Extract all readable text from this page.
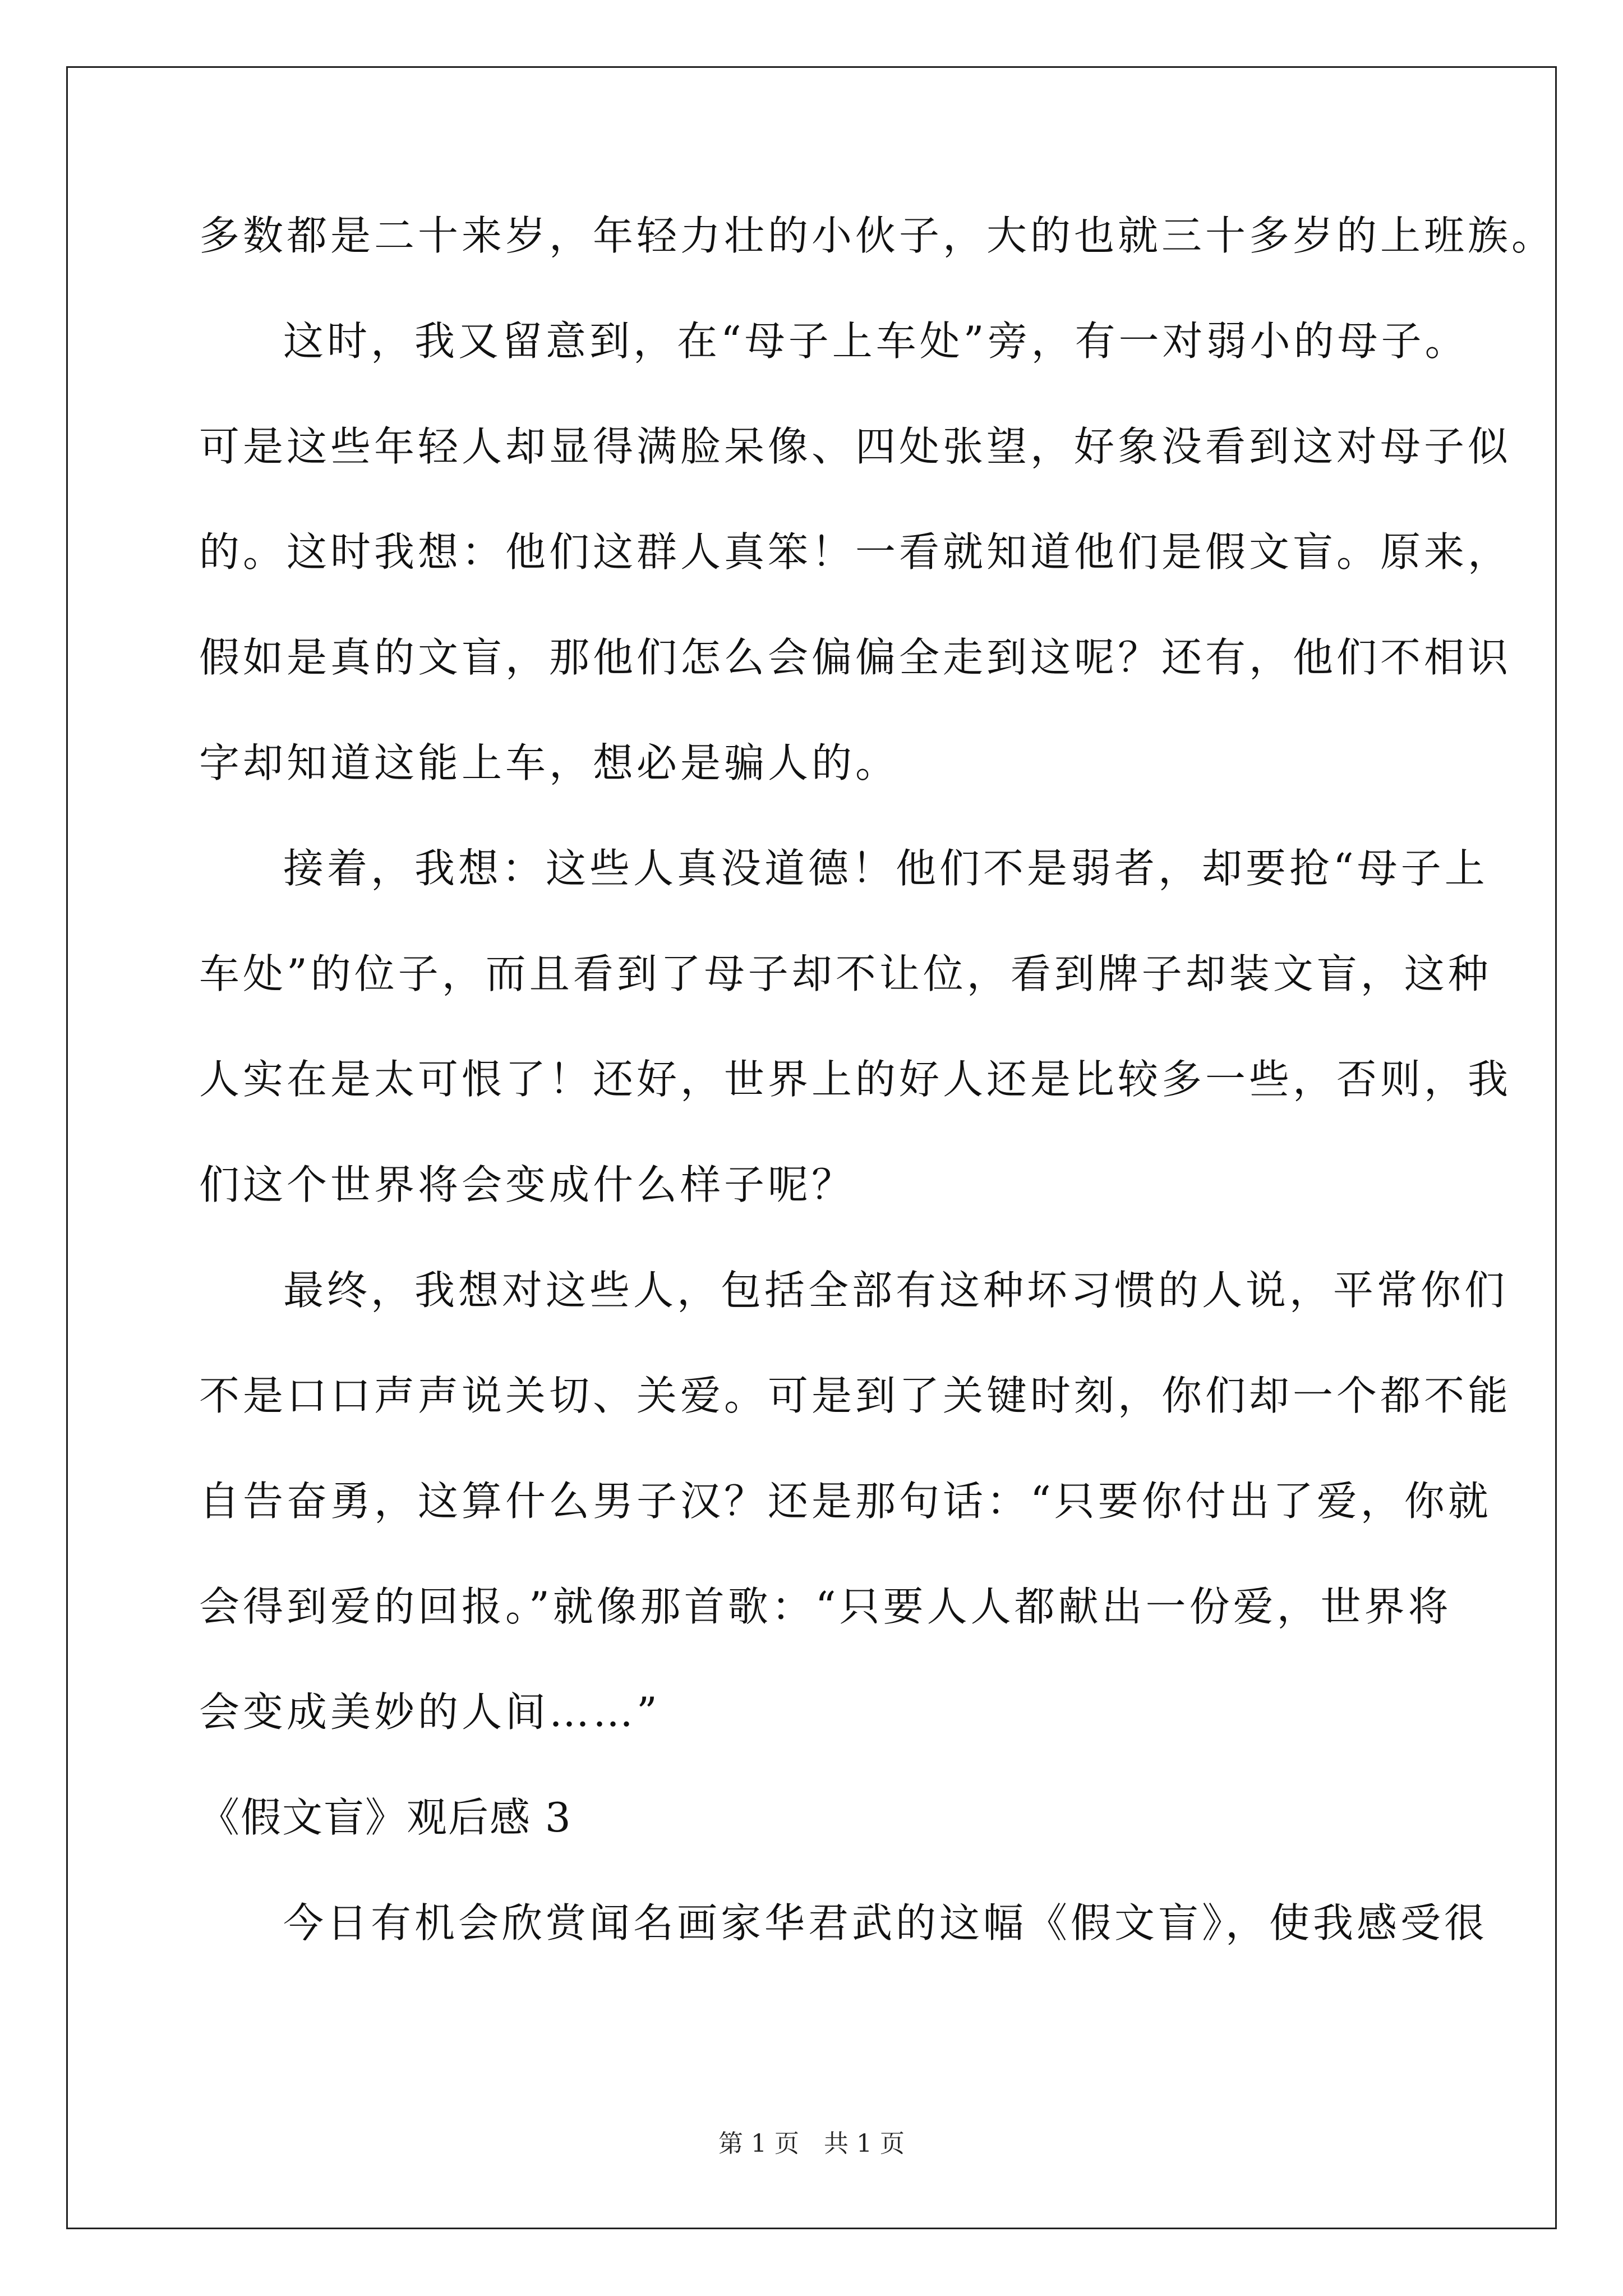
多数都是二十来岁，年轻力壮的小伙子，大的也就三十多岁的上班族。
这时，我又留意到，在“母子上车处”旁，有一对弱小的母子。
可是这些年轻人却显得满脸呆像、四处张望，好象没看到这对母子似
的。这时我想：他们这群人真笨！一看就知道他们是假文盲。原来，
假如是真的文盲，那他们怎么会偏偏全走到这呢？还有，他们不相识
字却知道这能上车，想必是骗人的。
接着，我想：这些人真没道德！他们不是弱者，却要抢“母子上
车处”的位子，而且看到了母子却不让位，看到牌子却装文盲，这种
人实在是太可恨了！还好，世界上的好人还是比较多一些，否则，我
们这个世界将会变成什么样子呢？
最终，我想对这些人，包括全部有这种坏习惯的人说，平常你们
不是口口声声说关切、关爱。可是到了关键时刻，你们却一个都不能
自告奋勇，这算什么男子汉？还是那句话：“只要你付出了爱，你就
会得到爱的回报。”就像那首歌：“只要人人都献出一份爱，世界将
会变成美妙的人间……”
《假文盲》观后感 3
今日有机会欣赏闻名画家华君武的这幅《假文盲》，使我感受很
第 1 页　共 1 页
